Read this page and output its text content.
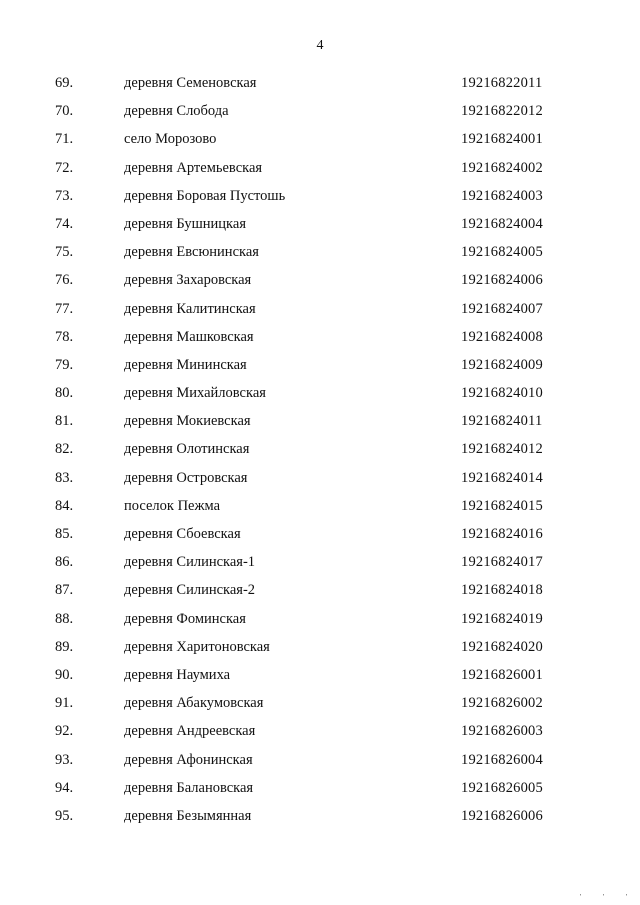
4
69.	деревня Семеновская	19216822011
70.	деревня Слобода	19216822012
71.	село Морозово	19216824001
72.	деревня Артемьевская	19216824002
73.	деревня Боровая Пустошь	19216824003
74.	деревня Бушницкая	19216824004
75.	деревня Евсюнинская	19216824005
76.	деревня Захаровская	19216824006
77.	деревня Калитинская	19216824007
78.	деревня Машковская	19216824008
79.	деревня Мининская	19216824009
80.	деревня Михайловская	19216824010
81.	деревня Мокиевская	19216824011
82.	деревня Олотинская	19216824012
83.	деревня Островская	19216824014
84.	поселок Пежма	19216824015
85.	деревня Сбоевская	19216824016
86.	деревня Силинская-1	19216824017
87.	деревня Силинская-2	19216824018
88.	деревня Фоминская	19216824019
89.	деревня Харитоновская	19216824020
90.	деревня Наумиха	19216826001
91.	деревня Абакумовская	19216826002
92.	деревня Андреевская	19216826003
93.	деревня Афонинская	19216826004
94.	деревня Балановская	19216826005
95.	деревня Безымянная	19216826006
' ' '
